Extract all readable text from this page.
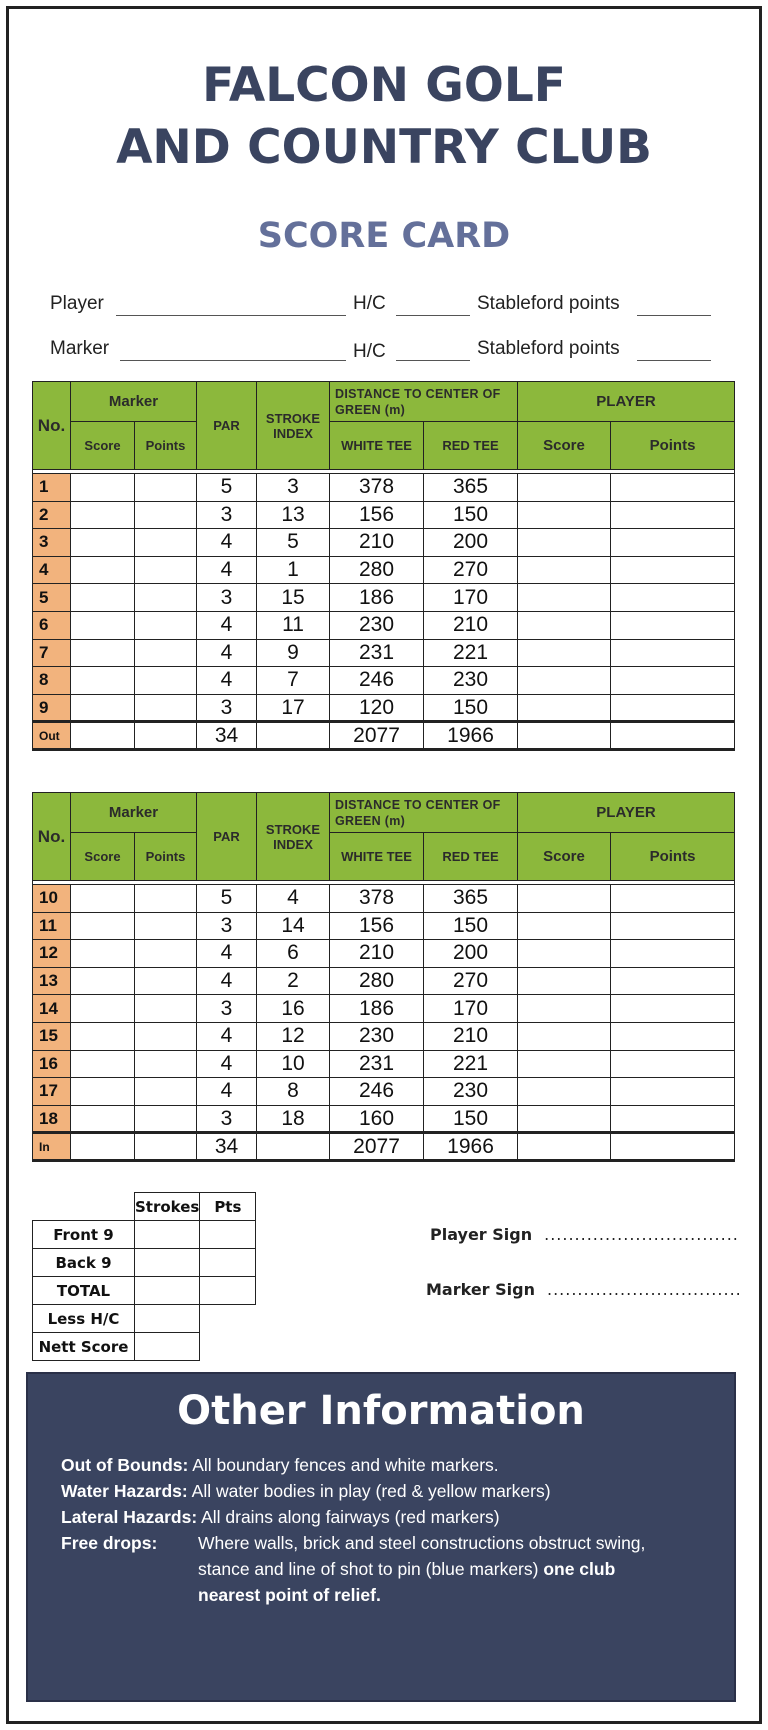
FALCON GOLF
AND COUNTRY CLUB
SCORE CARD
Player	H/C	Stableford points
Marker	H/C	Stableford points
No.	Marker		PAR	STROKE INDEX	DISTANCE TO CENTER OF GREEN (m)		PLAYER	
	Score	Points			WHITE TEE	RED TEE	Score	Points

1			5	3	378	365		
2			3	13	156	150		
3			4	5	210	200		
4			4	1	280	270		
5			3	15	186	170		
6			4	11	230	210		
7			4	9	231	221		
8			4	7	246	230		
9			3	17	120	150		
Out			34		2077	1966		
No.	Marker		PAR	STROKE INDEX	DISTANCE TO CENTER OF GREEN (m)		PLAYER	
	Score	Points			WHITE TEE	RED TEE	Score	Points

10			5	4	378	365		
11			3	14	156	150		
12			4	6	210	200		
13			4	2	280	270		
14			3	16	186	170		
15			4	12	230	210		
16			4	10	231	221		
17			4	8	246	230		
18			3	18	160	150		
In			34		2077	1966		
	Strokes	Pts
Front 9		
Back 9		
TOTAL		
Less H/C		
Nett Score		
Player Sign ................................
Marker Sign ................................
Other Information
Out of Bounds: All boundary fences and white markers.
Water Hazards: All water bodies in play (red & yellow markers)
Lateral Hazards: All drains along fairways (red markers)
Free drops: Where walls, brick and steel constructions obstruct swing,
stance and line of shot to pin (blue markers) one club
nearest point of relief.
